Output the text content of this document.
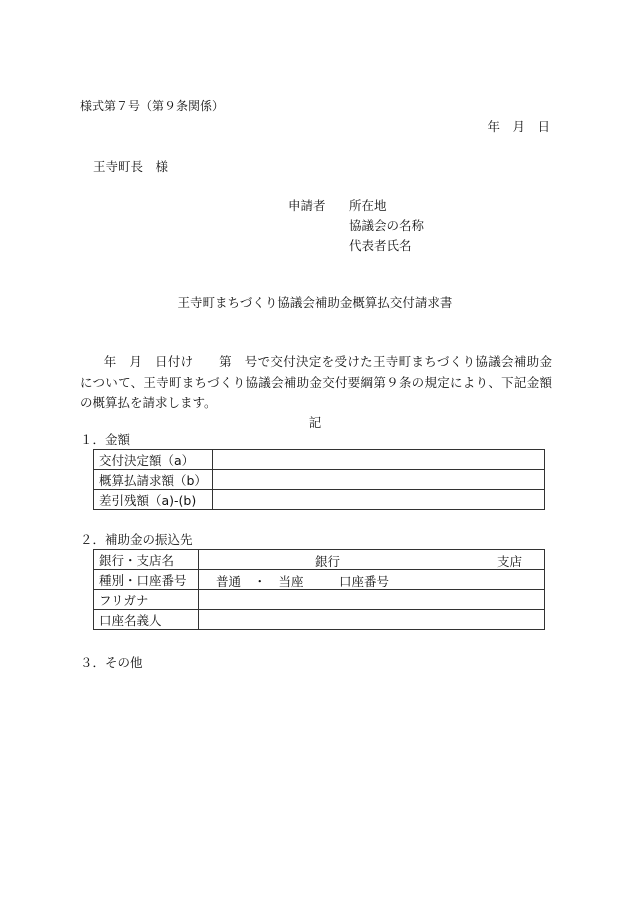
様式第７号（第９条関係）
年　月　日
王寺町長　様
申請者 所在地
協議会の名称
代表者氏名
王寺町まちづくり協議会補助金概算払交付請求書
年　月　日付け　　第　号で交付決定を受けた王寺町まちづくり協議会補助金について、王寺町まちづくり協議会補助金交付要綱第９条の規定により、下記金額の概算払を請求します。
記
１．金額
交付決定額（a）	
概算払請求額（b）	
差引残額（a)-(b)	
２．補助金の振込先
銀行・支店名	銀行 支店

種別・口座番号	普通　・　当座 口座番号

フリガナ	
口座名義人	
３．その他
